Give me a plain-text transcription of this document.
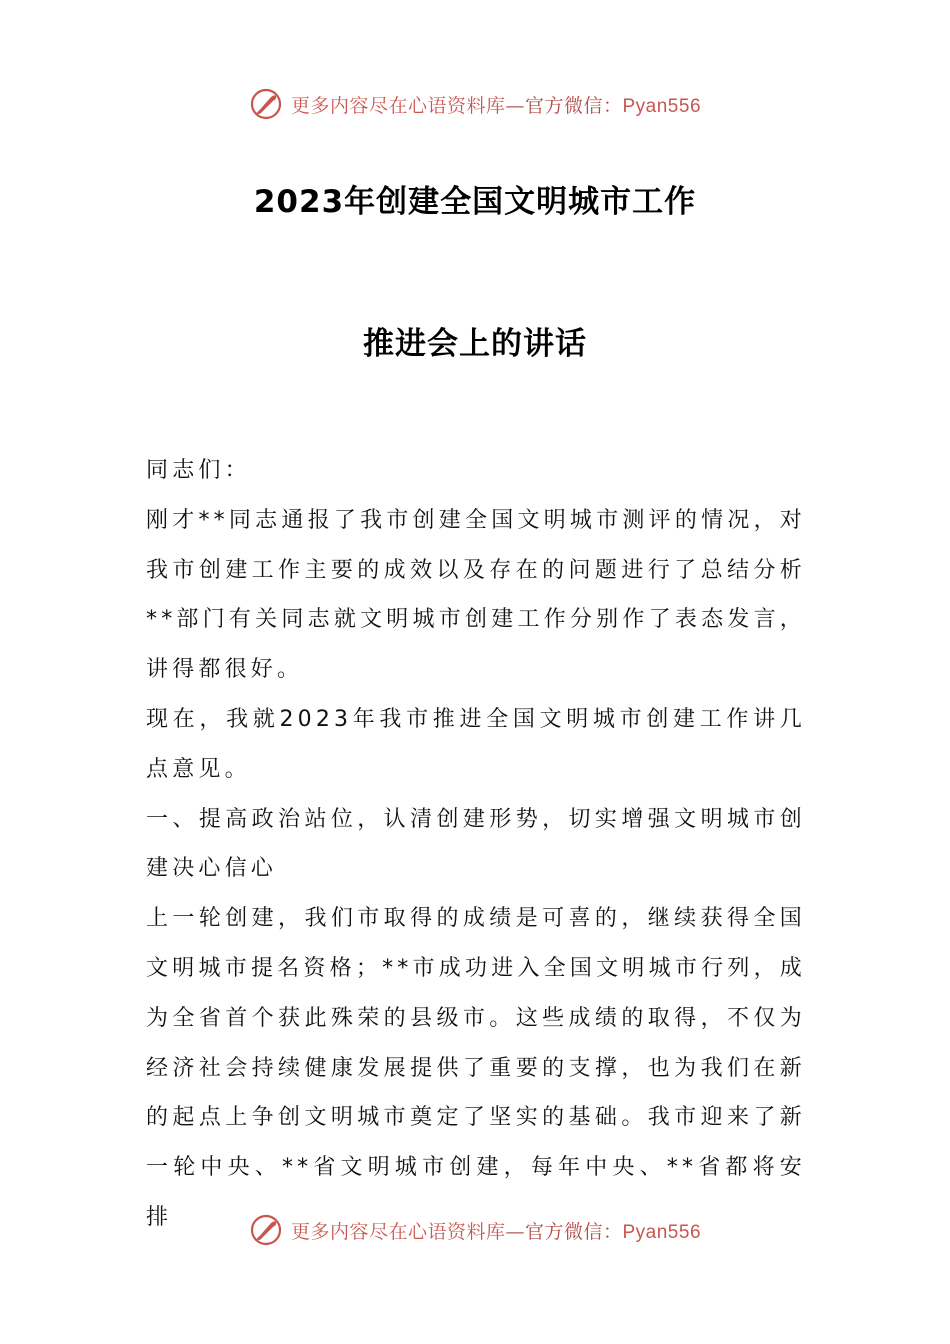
更多内容尽在心语资料库—官方微信：Pyan556
2023年创建全国文明城市工作
推进会上的讲话

同志们：

刚才**同志通报了我市创建全国文明城市测评的情况，对我市创建工作主要的成效以及存在的问题进行了总结分析**部门有关同志就文明城市创建工作分别作了表态发言，讲得都很好。

现在，我就2023年我市推进全国文明城市创建工作讲几点意见。

一、提高政治站位，认清创建形势，切实增强文明城市创建决心信心

上一轮创建，我们市取得的成绩是可喜的，继续获得全国文明城市提名资格；**市成功进入全国文明城市行列，成为全省首个获此殊荣的县级市。这些成绩的取得，不仅为经济社会持续健康发展提供了重要的支撑，也为我们在新的起点上争创文明城市奠定了坚实的基础。我市迎来了新一轮中央、**省文明城市创建，每年中央、**省都将安排

更多内容尽在心语资料库—官方微信：Pyan556
